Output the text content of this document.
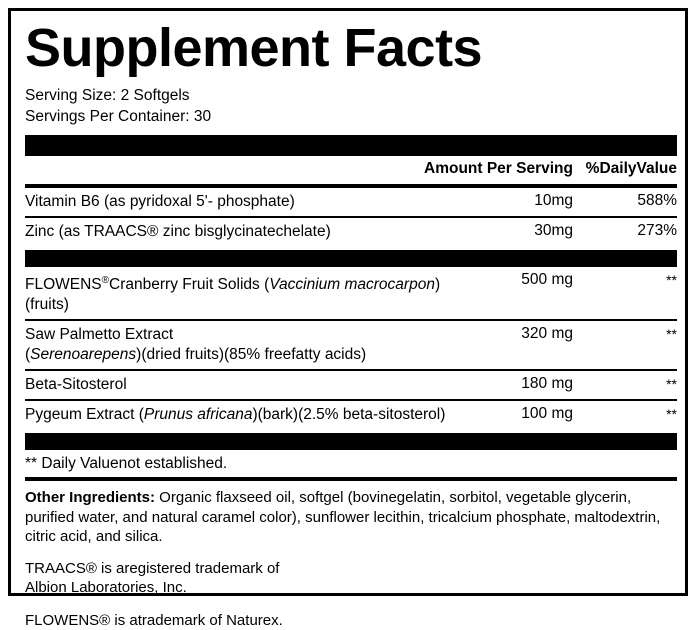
Supplement Facts
Serving Size: 2 Softgels
Servings Per Container: 30
Amount Per Serving %DailyValue
Vitamin B6 (as pyridoxal 5'- phosphate)	10mg	588%
Zinc (as TRAACS® zinc bisglycinatechelate)	30mg	273%
FLOWENS®Cranberry Fruit Solids (Vaccinium macrocarpon)(fruits)	500 mg	**
Saw Palmetto Extract
(Serenoarepens)(dried fruits)(85% freefatty acids)	320 mg	**
Beta-Sitosterol	180 mg	**
Pygeum Extract (Prunus africana)(bark)(2.5% beta-sitosterol)	100 mg	**
** Daily Valuenot established.
Other Ingredients: Organic flaxseed oil, softgel (bovinegelatin, sorbitol, vegetable glycerin, purified water, and natural caramel color), sunflower lecithin, tricalcium phosphate, maltodextrin, citric acid, and silica.
TRAACS® is aregistered trademark of
Albion Laboratories, Inc.
FLOWENS® is atrademark of Naturex.
